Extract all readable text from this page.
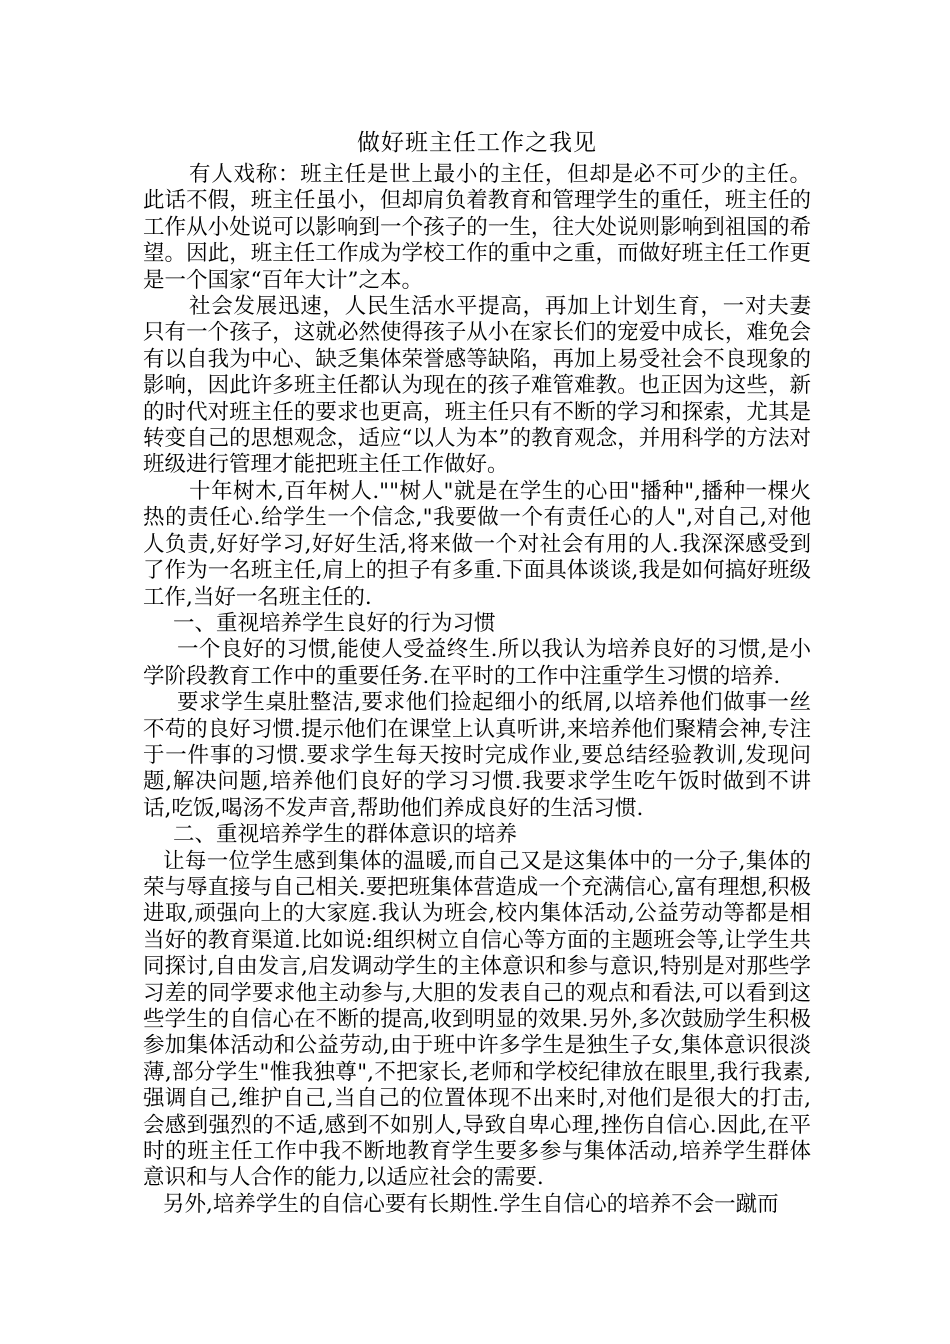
做好班主任工作之我见

有人戏称：班主任是世上最小的主任，但却是必不可少的主任。此话不假，班主任虽小，但却肩负着教育和管理学生的重任，班主任的工作从小处说可以影响到一个孩子的一生，往大处说则影响到祖国的希望。因此，班主任工作成为学校工作的重中之重，而做好班主任工作更是一个国家“百年大计”之本。

社会发展迅速，人民生活水平提高，再加上计划生育，一对夫妻只有一个孩子，这就必然使得孩子从小在家长们的宠爱中成长，难免会有以自我为中心、缺乏集体荣誉感等缺陷，再加上易受社会不良现象的影响，因此许多班主任都认为现在的孩子难管难教。也正因为这些，新的时代对班主任的要求也更高，班主任只有不断的学习和探索，尤其是转变自己的思想观念，适应“以人为本”的教育观念，并用科学的方法对班级进行管理才能把班主任工作做好。

十年树木,百年树人.""树人"就是在学生的心田"播种",播种一棵火热的责任心.给学生一个信念,"我要做一个有责任心的人",对自己,对他人负责,好好学习,好好生活,将来做一个对社会有用的人.我深深感受到了作为一名班主任,肩上的担子有多重.下面具体谈谈,我是如何搞好班级工作,当好一名班主任的.

一、重视培养学生良好的行为习惯

一个良好的习惯,能使人受益终生.所以我认为培养良好的习惯,是小学阶段教育工作中的重要任务.在平时的工作中注重学生习惯的培养.

要求学生桌肚整洁,要求他们捡起细小的纸屑,以培养他们做事一丝不苟的良好习惯.提示他们在课堂上认真听讲,来培养他们聚精会神,专注于一件事的习惯.要求学生每天按时完成作业,要总结经验教训,发现问题,解决问题,培养他们良好的学习习惯.我要求学生吃午饭时做到不讲话,吃饭,喝汤不发声音,帮助他们养成良好的生活习惯.

二、重视培养学生的群体意识的培养

让每一位学生感到集体的温暖,而自己又是这集体中的一分子,集体的荣与辱直接与自己相关.要把班集体营造成一个充满信心,富有理想,积极进取,顽强向上的大家庭.我认为班会,校内集体活动,公益劳动等都是相当好的教育渠道.比如说:组织树立自信心等方面的主题班会等,让学生共同探讨,自由发言,启发调动学生的主体意识和参与意识,特别是对那些学习差的同学要求他主动参与,大胆的发表自己的观点和看法,可以看到这些学生的自信心在不断的提高,收到明显的效果.另外,多次鼓励学生积极参加集体活动和公益劳动,由于班中许多学生是独生子女,集体意识很淡薄,部分学生"惟我独尊",不把家长,老师和学校纪律放在眼里,我行我素,强调自己,维护自己,当自己的位置体现不出来时,对他们是很大的打击,会感到强烈的不适,感到不如别人,导致自卑心理,挫伤自信心.因此,在平时的班主任工作中我不断地教育学生要多参与集体活动,培养学生群体意识和与人合作的能力,以适应社会的需要.

另外,培养学生的自信心要有长期性.学生自信心的培养不会一蹴而
